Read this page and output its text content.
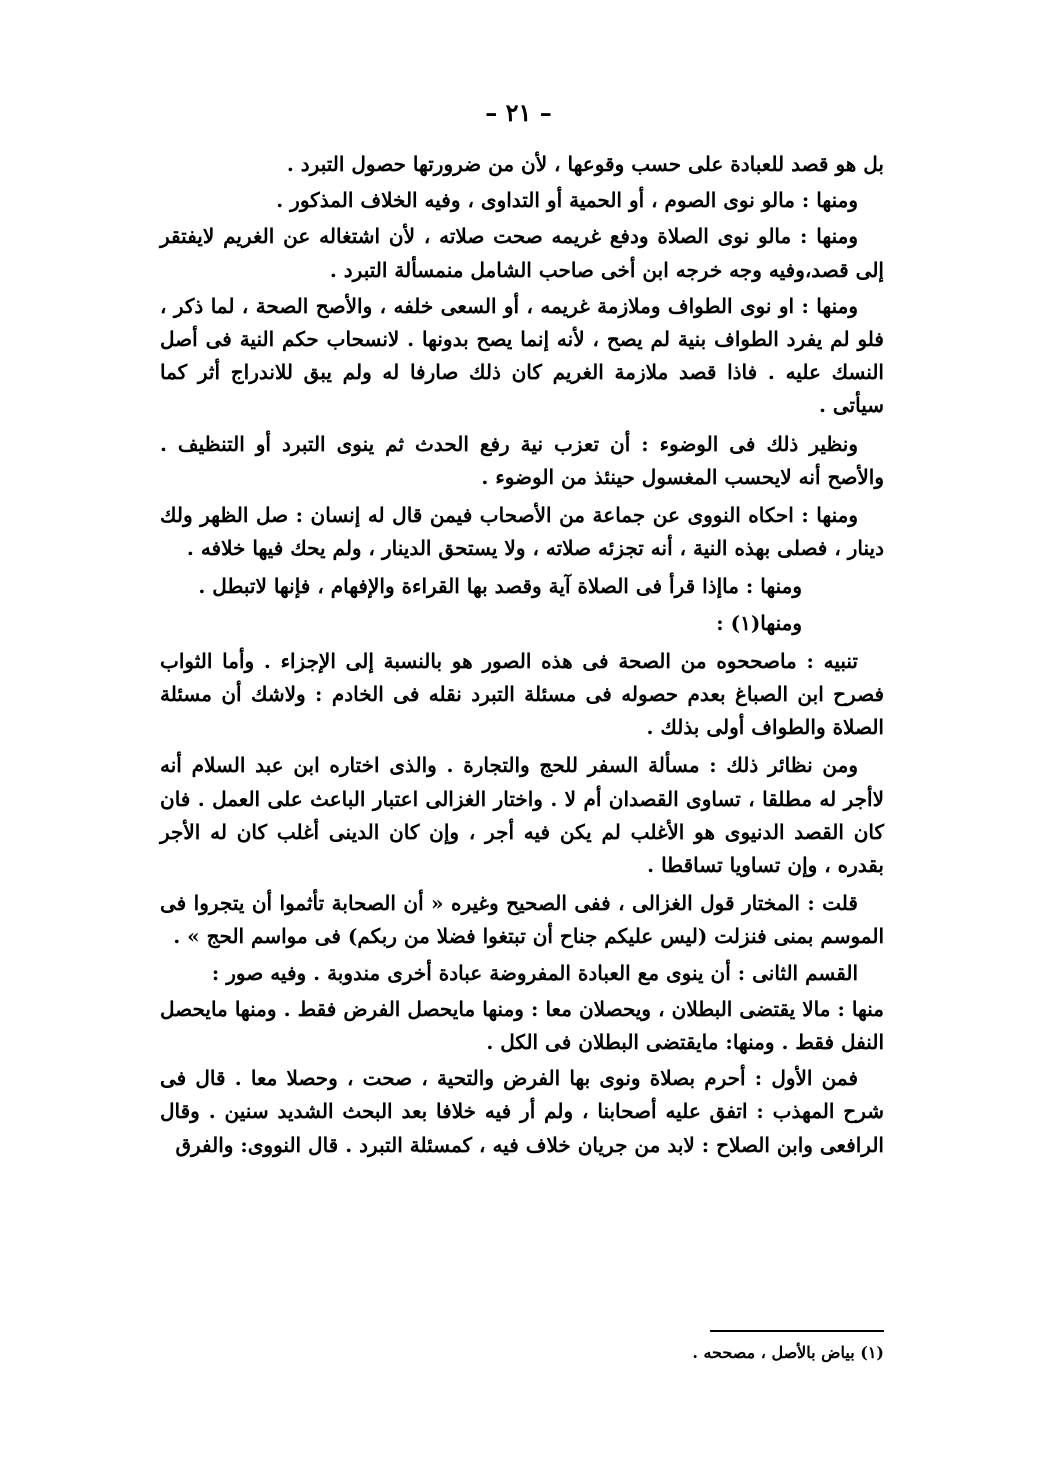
– ٢١ –

بل هو قصد للعبادة على حسب وقوعها ، لأن من ضرورتها حصول التبرد .

ومنها : مالو نوى الصوم ، أو الحمية أو التداوى ، وفيه الخلاف المذكور .

ومنها : مالو نوى الصلاة ودفع غريمه صحت صلاته ، لأن اشتغاله عن الغريم لايفتقر إلى قصد،وفيه وجه خرجه ابن أخى صاحب الشامل منمسألة التبرد .

ومنها : او نوى الطواف وملازمة غريمه ، أو السعى خلفه ، والأصح الصحة ، لما ذكر ، فلو لم يفرد الطواف بنية لم يصح ، لأنه إنما يصح بدونها . لانسحاب حكم النية فى أصل النسك عليه . فاذا قصد ملازمة الغريم كان ذلك صارفا له ولم يبق للاندراج أثر كما سيأتى .

ونظير ذلك فى الوضوء : أن تعزب نية رفع الحدث ثم ينوى التبرد أو التنظيف . والأصح أنه لايحسب المغسول حينئذ من الوضوء .

ومنها : احكاه النووى عن جماعة من الأصحاب فيمن قال له إنسان : صل الظهر ولك دينار ، فصلى بهذه النية ، أنه تجزئه صلاته ، ولا يستحق الدينار ، ولم يحك فيها خلافه .

ومنها : ماإذا قرأ فى الصلاة آية وقصد بها القراءة والإفهام ، فإنها لاتبطل .

ومنها(١) :

تنبيه : ماصححوه من الصحة فى هذه الصور هو بالنسبة إلى الإجزاء . وأما الثواب فصرح ابن الصباغ بعدم حصوله فى مسئلة التبرد نقله فى الخادم : ولاشك أن مسئلة الصلاة والطواف أولى بذلك .

ومن نظائر ذلك : مسألة السفر للحج والتجارة . والذى اختاره ابن عبد السلام أنه لاأجر له مطلقا ، تساوى القصدان أم لا . واختار الغزالى اعتبار الباعث على العمل . فان كان القصد الدنيوى هو الأغلب لم يكن فيه أجر ، وإن كان الدينى أغلب كان له الأجر بقدره ، وإن تساويا تساقطا .

قلت : المختار قول الغزالى ، ففى الصحيح وغيره « أن الصحابة تأثموا أن يتجروا فى الموسم بمنى فنزلت (ليس عليكم جناح أن تبتغوا فضلا من ربكم) فى مواسم الحج » .

القسم الثانى : أن ينوى مع العبادة المفروضة عبادة أخرى مندوبة . وفيه صور :

منها : مالا يقتضى البطلان ، ويحصلان معا : ومنها مايحصل الفرض فقط . ومنها مايحصل النفل فقط . ومنها: مايقتضى البطلان فى الكل .

فمن الأول : أحرم بصلاة ونوى بها الفرض والتحية ، صحت ، وحصلا معا . قال فى شرح المهذب : اتفق عليه أصحابنا ، ولم أر فيه خلافا بعد البحث الشديد سنين . وقال الرافعى وابن الصلاح : لابد من جريان خلاف فيه ، كمسئلة التبرد . قال النووى: والفرق

(١) بياض بالأصل ، مصححه .
